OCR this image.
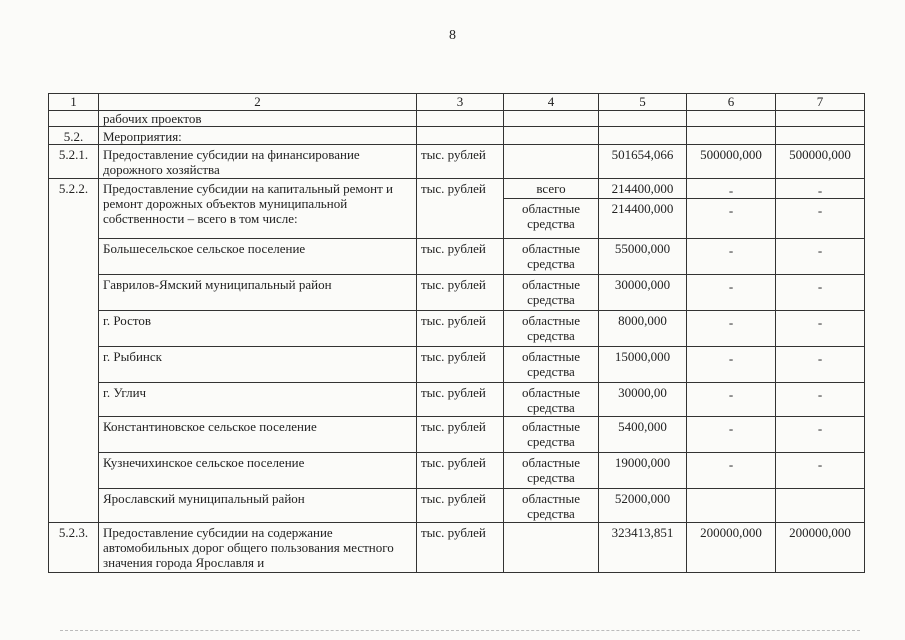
8
1	2	3	4	5	6	7
	рабочих проектов					
5.2.	Мероприятия:					
5.2.1.	Предоставление субсидии на финансирование дорожного хозяйства	тыс. рублей		501654,066	500000,000	500000,000
5.2.2.	Предоставление субсидии на капитальный ремонт и ремонт дорожных объектов муниципальной собственности – всего в том числе:	тыс. рублей	всего	214400,000	-	-
			областные средства	214400,000	-	-
	Большесельское сельское поселение	тыс. рублей	областные средства	55000,000	-	-
	Гаврилов-Ямский муниципальный район	тыс. рублей	областные средства	30000,000	-	-
	г. Ростов	тыс. рублей	областные средства	8000,000	-	-
	г. Рыбинск	тыс. рублей	областные средства	15000,000	-	-
	г. Углич	тыс. рублей	областные средства	30000,00	-	-
	Константиновское сельское поселение	тыс. рублей	областные средства	5400,000	-	-
	Кузнечихинское сельское поселение	тыс. рублей	областные средства	19000,000	-	-
	Ярославский муниципальный район	тыс. рублей	областные средства	52000,000		
5.2.3.	Предоставление субсидии на содержание автомобильных дорог общего пользования местного значения города Ярославля и	тыс. рублей		323413,851	200000,000	200000,000
